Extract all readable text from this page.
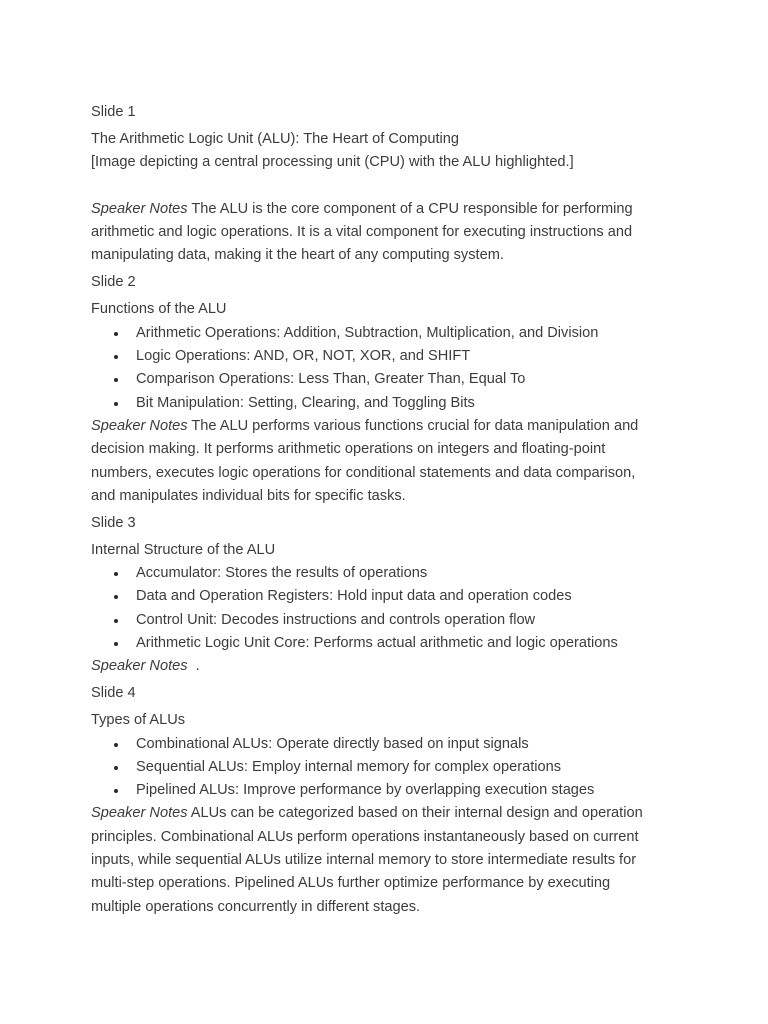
Slide 1
The Arithmetic Logic Unit (ALU): The Heart of Computing
[Image depicting a central processing unit (CPU) with the ALU highlighted.]
Speaker Notes The ALU is the core component of a CPU responsible for performing
arithmetic and logic operations. It is a vital component for executing instructions and
manipulating data, making it the heart of any computing system.
Slide 2
Functions of the ALU
Arithmetic Operations: Addition, Subtraction, Multiplication, and Division
Logic Operations: AND, OR, NOT, XOR, and SHIFT
Comparison Operations: Less Than, Greater Than, Equal To
Bit Manipulation: Setting, Clearing, and Toggling Bits
Speaker Notes The ALU performs various functions crucial for data manipulation and
decision making. It performs arithmetic operations on integers and floating-point
numbers, executes logic operations for conditional statements and data comparison,
and manipulates individual bits for specific tasks.
Slide 3
Internal Structure of the ALU
Accumulator: Stores the results of operations
Data and Operation Registers: Hold input data and operation codes
Control Unit: Decodes instructions and controls operation flow
Arithmetic Logic Unit Core: Performs actual arithmetic and logic operations
Speaker Notes  .
Slide 4
Types of ALUs
Combinational ALUs: Operate directly based on input signals
Sequential ALUs: Employ internal memory for complex operations
Pipelined ALUs: Improve performance by overlapping execution stages
Speaker Notes ALUs can be categorized based on their internal design and operation
principles. Combinational ALUs perform operations instantaneously based on current
inputs, while sequential ALUs utilize internal memory to store intermediate results for
multi-step operations. Pipelined ALUs further optimize performance by executing
multiple operations concurrently in different stages.
